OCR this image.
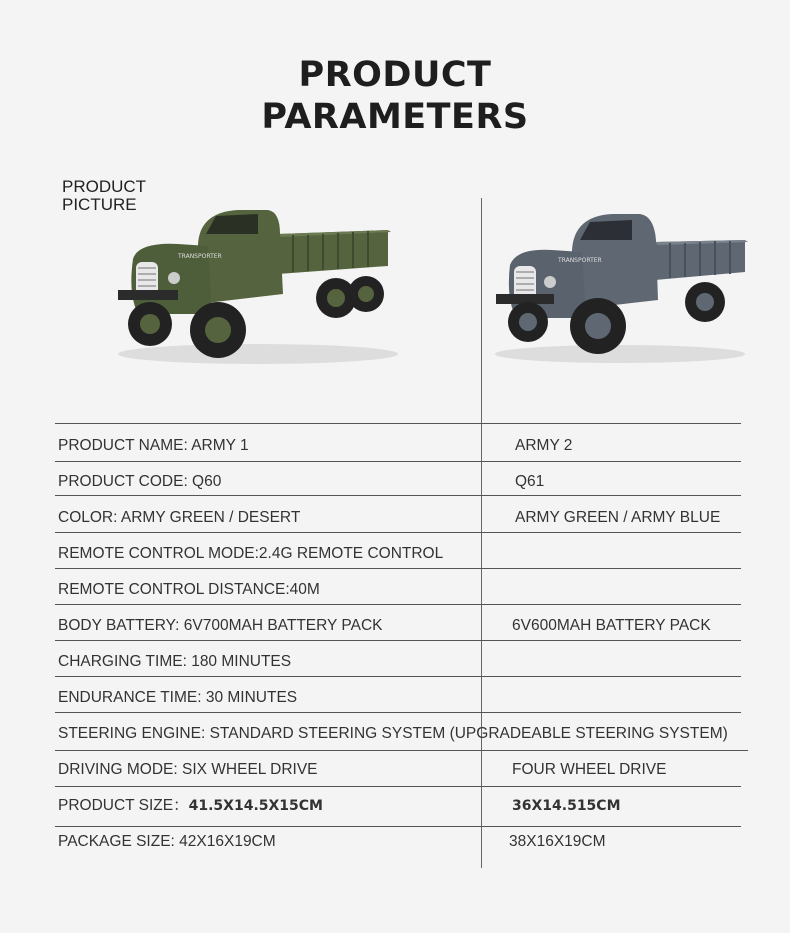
PRODUCT
PARAMETERS
PRODUCT
PICTURE
TRANSPORTER
TRANSPORTER
PRODUCT NAME: ARMY 1	ARMY 2
PRODUCT CODE: Q60	Q61
COLOR: ARMY GREEN / DESERT	ARMY GREEN / ARMY BLUE
REMOTE CONTROL MODE:2.4G REMOTE CONTROL
REMOTE CONTROL DISTANCE:40M
BODY BATTERY: 6V700MAH BATTERY PACK	6V600MAH BATTERY PACK
CHARGING TIME: 180 MINUTES
ENDURANCE TIME: 30 MINUTES
STEERING ENGINE: STANDARD STEERING SYSTEM (UPGRADEABLE STEERING SYSTEM)
DRIVING MODE: SIX WHEEL DRIVE	FOUR WHEEL DRIVE
PRODUCT SIZE：41.5X14.5X15CM	36X14.515CM
PACKAGE SIZE: 42X16X19CM	38X16X19CM
